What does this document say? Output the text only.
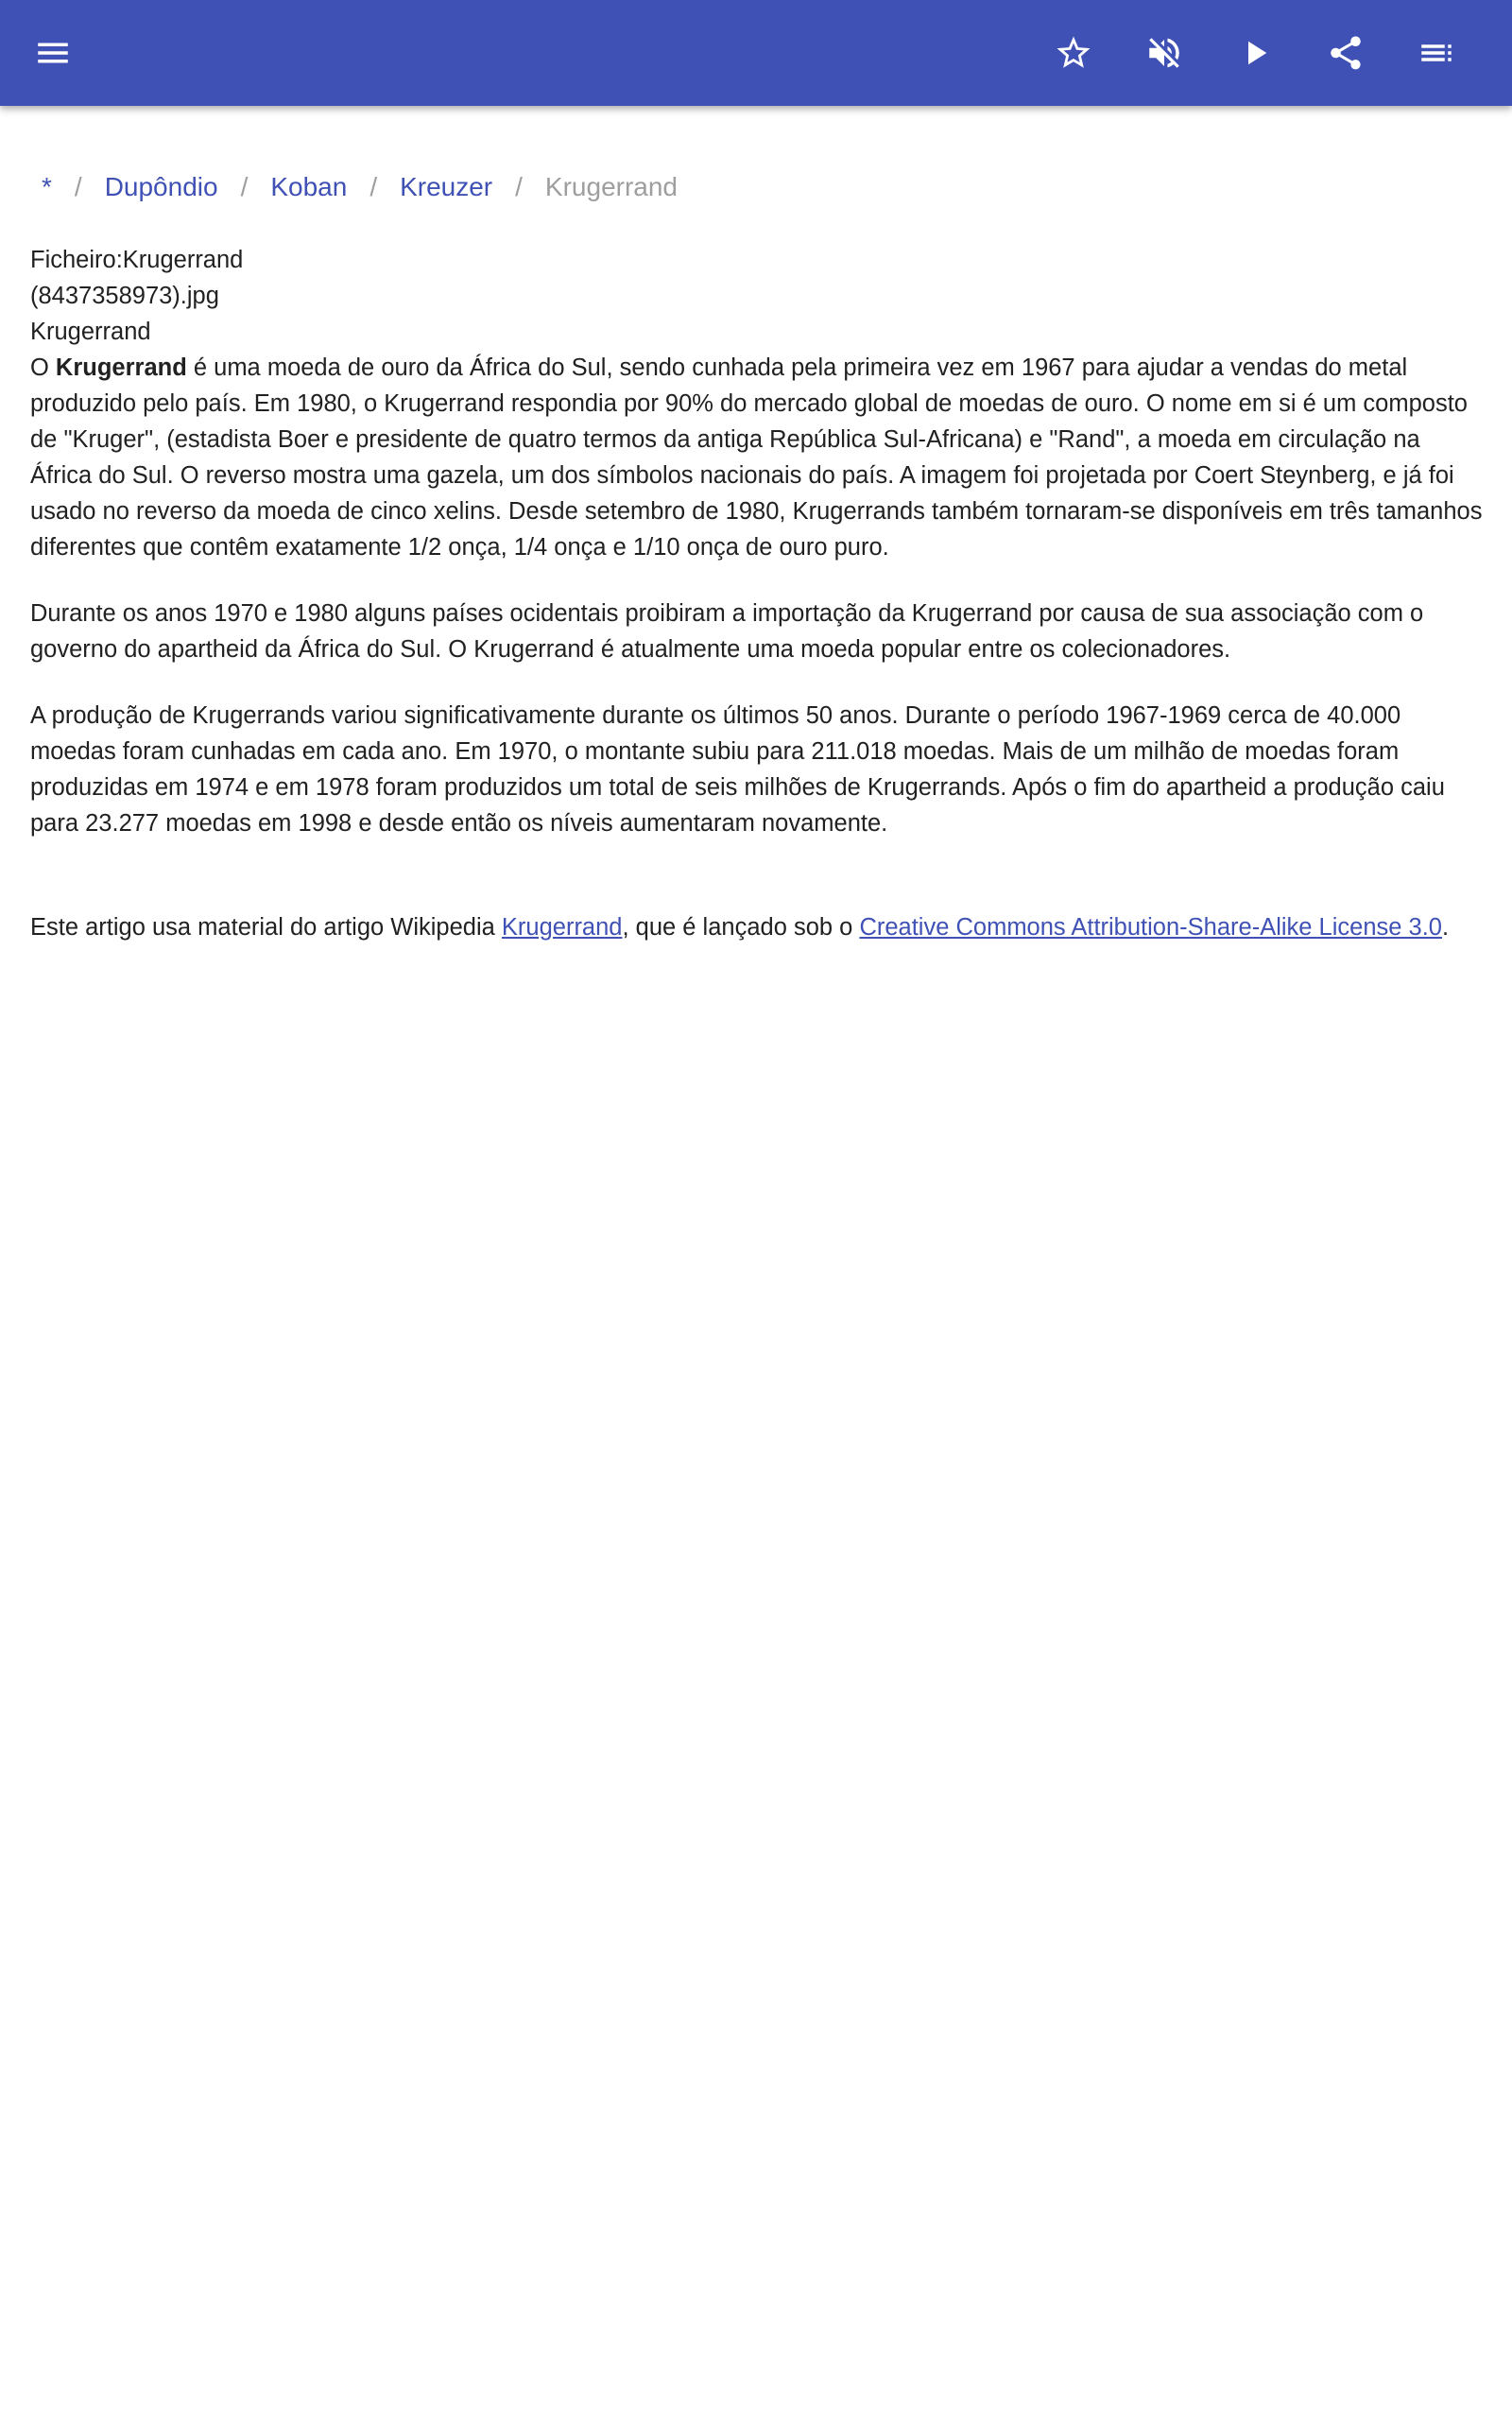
* / Dupôndio / Koban / Kreuzer / Krugerrand

Ficheiro:Krugerrand
(8437358973).jpg
Krugerrand
O Krugerrand é uma moeda de ouro da África do Sul, sendo cunhada pela primeira vez em 1967 para ajudar a vendas do metal produzido pelo país. Em 1980, o Krugerrand respondia por 90% do mercado global de moedas de ouro. O nome em si é um composto de "Kruger", (estadista Boer e presidente de quatro termos da antiga República Sul-Africana) e "Rand", a moeda em circulação na África do Sul. O reverso mostra uma gazela, um dos símbolos nacionais do país. A imagem foi projetada por Coert Steynberg, e já foi usado no reverso da moeda de cinco xelins. Desde setembro de 1980, Krugerrands também tornaram-se disponíveis em três tamanhos diferentes que contêm exatamente 1/2 onça, 1/4 onça e 1/10 onça de ouro puro.

Durante os anos 1970 e 1980 alguns países ocidentais proibiram a importação da Krugerrand por causa de sua associação com o governo do apartheid da África do Sul. O Krugerrand é atualmente uma moeda popular entre os colecionadores.

A produção de Krugerrands variou significativamente durante os últimos 50 anos. Durante o período 1967-1969 cerca de 40.000 moedas foram cunhadas em cada ano. Em 1970, o montante subiu para 211.018 moedas. Mais de um milhão de moedas foram produzidas em 1974 e em 1978 foram produzidos um total de seis milhões de Krugerrands. Após o fim do apartheid a produção caiu para 23.277 moedas em 1998 e desde então os níveis aumentaram novamente.

Este artigo usa material do artigo Wikipedia Krugerrand, que é lançado sob o Creative Commons Attribution-Share-Alike License 3.0.
